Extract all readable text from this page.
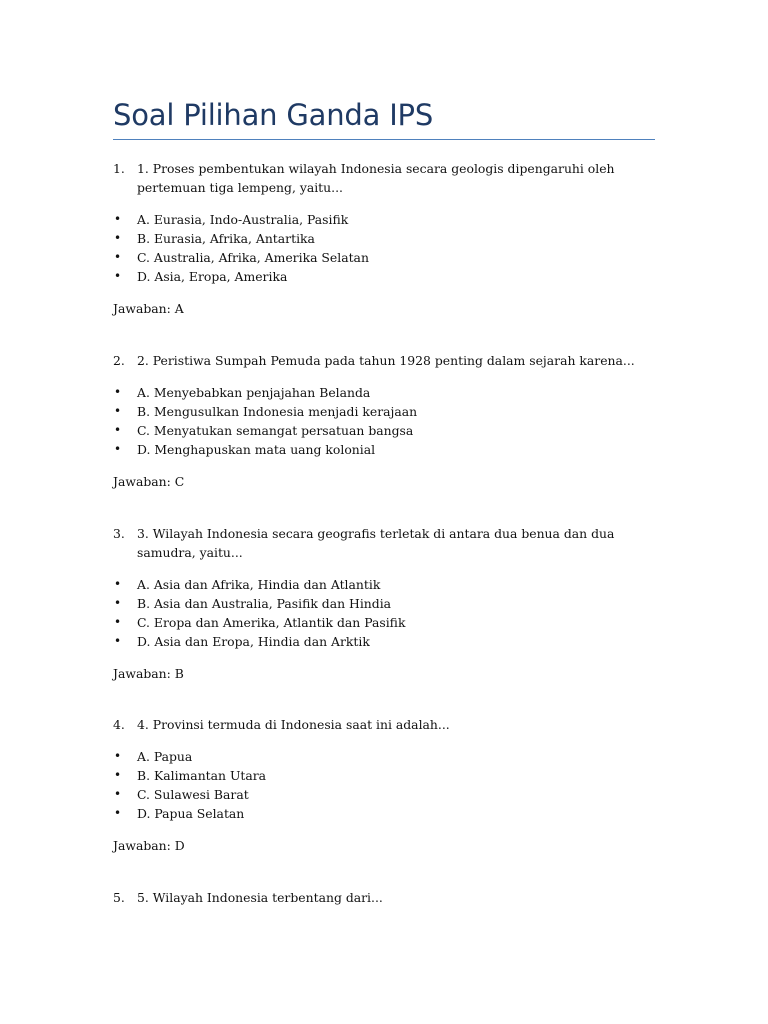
Soal Pilihan Ganda IPS

1. 1. Proses pembentukan wilayah Indonesia secara geologis dipengaruhi oleh pertemuan tiga lempeng, yaitu...

• A. Eurasia, Indo-Australia, Pasifik
• B. Eurasia, Afrika, Antartika
• C. Australia, Afrika, Amerika Selatan
• D. Asia, Eropa, Amerika

Jawaban: A

2. 2. Peristiwa Sumpah Pemuda pada tahun 1928 penting dalam sejarah karena...

• A. Menyebabkan penjajahan Belanda
• B. Mengusulkan Indonesia menjadi kerajaan
• C. Menyatukan semangat persatuan bangsa
• D. Menghapuskan mata uang kolonial

Jawaban: C

3. 3. Wilayah Indonesia secara geografis terletak di antara dua benua dan dua samudra, yaitu...

• A. Asia dan Afrika, Hindia dan Atlantik
• B. Asia dan Australia, Pasifik dan Hindia
• C. Eropa dan Amerika, Atlantik dan Pasifik
• D. Asia dan Eropa, Hindia dan Arktik

Jawaban: B

4. 4. Provinsi termuda di Indonesia saat ini adalah...

• A. Papua
• B. Kalimantan Utara
• C. Sulawesi Barat
• D. Papua Selatan

Jawaban: D

5. 5. Wilayah Indonesia terbentang dari...
